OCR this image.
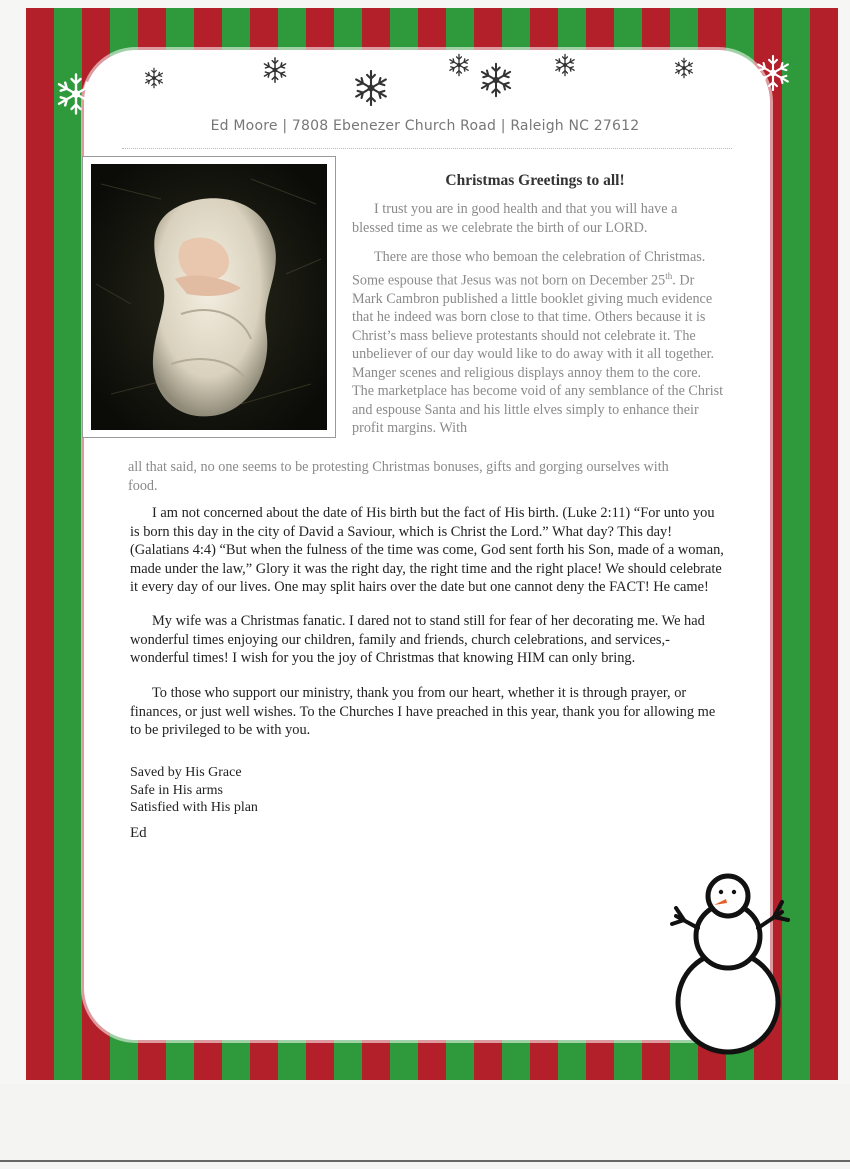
Ed Moore | 7808 Ebenezer Church Road | Raleigh NC 27612
Christmas Greetings to all!

I trust you are in good health and that you will have a blessed time as we celebrate the birth of our LORD.

There are those who bemoan the celebration of Christmas. Some espouse that Jesus was not born on December 25th. Dr Mark Cambron published a little booklet giving much evidence that he indeed was born close to that time. Others because it is Christ’s mass believe protestants should not celebrate it. The unbeliever of our day would like to do away with it all together. Manger scenes and religious displays annoy them to the core. The marketplace has become void of any semblance of the Christ and espouse Santa and his little elves simply to enhance their profit margins. With

all that said, no one seems to be protesting Christmas bonuses, gifts and gorging ourselves with food.

I am not concerned about the date of His birth but the fact of His birth. (Luke 2:11) “For unto you is born this day in the city of David a Saviour, which is Christ the Lord.” What day? This day! (Galatians 4:4) “But when the fulness of the time was come, God sent forth his Son, made of a woman, made under the law,” Glory it was the right day, the right time and the right place! We should celebrate it every day of our lives. One may split hairs over the date but one cannot deny the FACT! He came!

My wife was a Christmas fanatic. I dared not to stand still for fear of her decorating me. We had wonderful times enjoying our children, family and friends, church celebrations, and services,- wonderful times! I wish for you the joy of Christmas that knowing HIM can only bring.

To those who support our ministry, thank you from our heart, whether it is through prayer, or finances, or just well wishes. To the Churches I have preached in this year, thank you for allowing me to be privileged to be with you.

Saved by His Grace
Safe in His arms
Satisfied with His plan
Ed
